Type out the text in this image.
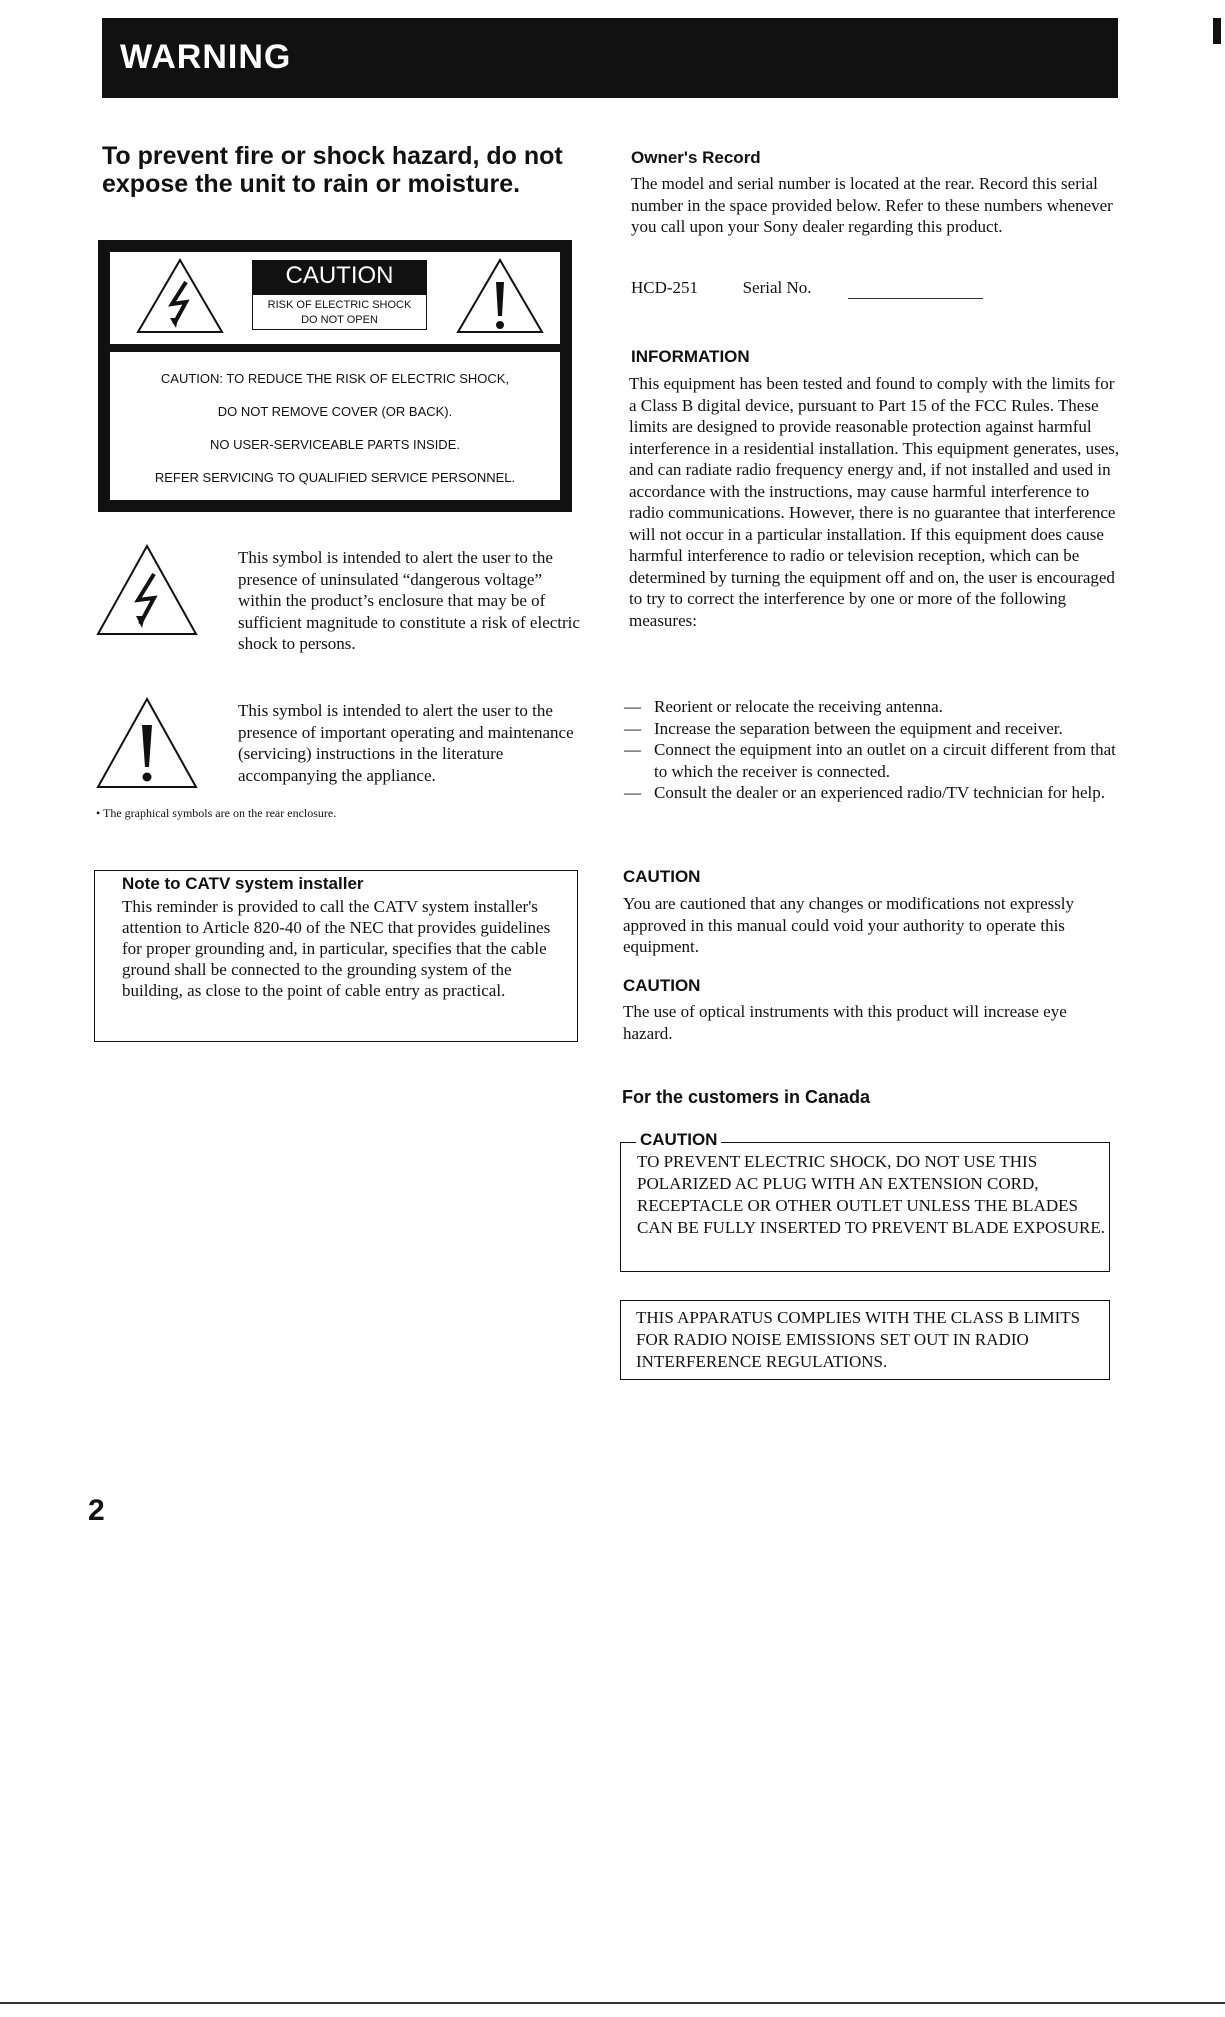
WARNING
To prevent fire or shock hazard, do not expose the unit to rain or moisture.
CAUTION
RISK OF ELECTRIC SHOCK
DO NOT OPEN
CAUTION: TO REDUCE THE RISK OF ELECTRIC SHOCK,
DO NOT REMOVE COVER (OR BACK).
NO USER-SERVICEABLE PARTS INSIDE.
REFER SERVICING TO QUALIFIED SERVICE PERSONNEL.
This symbol is intended to alert the user to the presence of uninsulated “dangerous voltage” within the product’s enclosure that may be of sufficient magnitude to constitute a risk of electric shock to persons.
This symbol is intended to alert the user to the presence of important operating and maintenance (servicing) instructions in the literature accompanying the appliance.
• The graphical symbols are on the rear enclosure.
Note to CATV system installer
This reminder is provided to call the CATV system installer's attention to Article 820-40 of the NEC that provides guidelines for proper grounding and, in particular, specifies that the cable ground shall be connected to the grounding system of the building, as close to the point of cable entry as practical.
2
Owner's Record
The model and serial number is located at the rear. Record this serial number in the space provided below. Refer to these numbers whenever you call upon your Sony dealer regarding this product.
HCD-251	Serial No.
INFORMATION
This equipment has been tested and found to comply with the limits for a Class B digital device, pursuant to Part 15 of the FCC Rules. These limits are designed to provide reasonable protection against harmful interference in a residential installation. This equipment generates, uses, and can radiate radio frequency energy and, if not installed and used in accordance with the instructions, may cause harmful interference to radio communications. However, there is no guarantee that interference will not occur in a particular installation. If this equipment does cause harmful interference to radio or television reception, which can be determined by turning the equipment off and on, the user is encouraged to try to correct the interference by one or more of the following measures:
— Reorient or relocate the receiving antenna.
— Increase the separation between the equipment and receiver.
— Connect the equipment into an outlet on a circuit different from that to which the receiver is connected.
— Consult the dealer or an experienced radio/TV technician for help.
CAUTION
You are cautioned that any changes or modifications not expressly approved in this manual could void your authority to operate this equipment.
CAUTION
The use of optical instruments with this product will increase eye hazard.
For the customers in Canada
CAUTION
TO PREVENT ELECTRIC SHOCK, DO NOT USE THIS POLARIZED AC PLUG WITH AN EXTENSION CORD, RECEPTACLE OR OTHER OUTLET UNLESS THE BLADES CAN BE FULLY INSERTED TO PREVENT BLADE EXPOSURE.
THIS APPARATUS COMPLIES WITH THE CLASS B LIMITS FOR RADIO NOISE EMISSIONS SET OUT IN RADIO INTERFERENCE REGULATIONS.
